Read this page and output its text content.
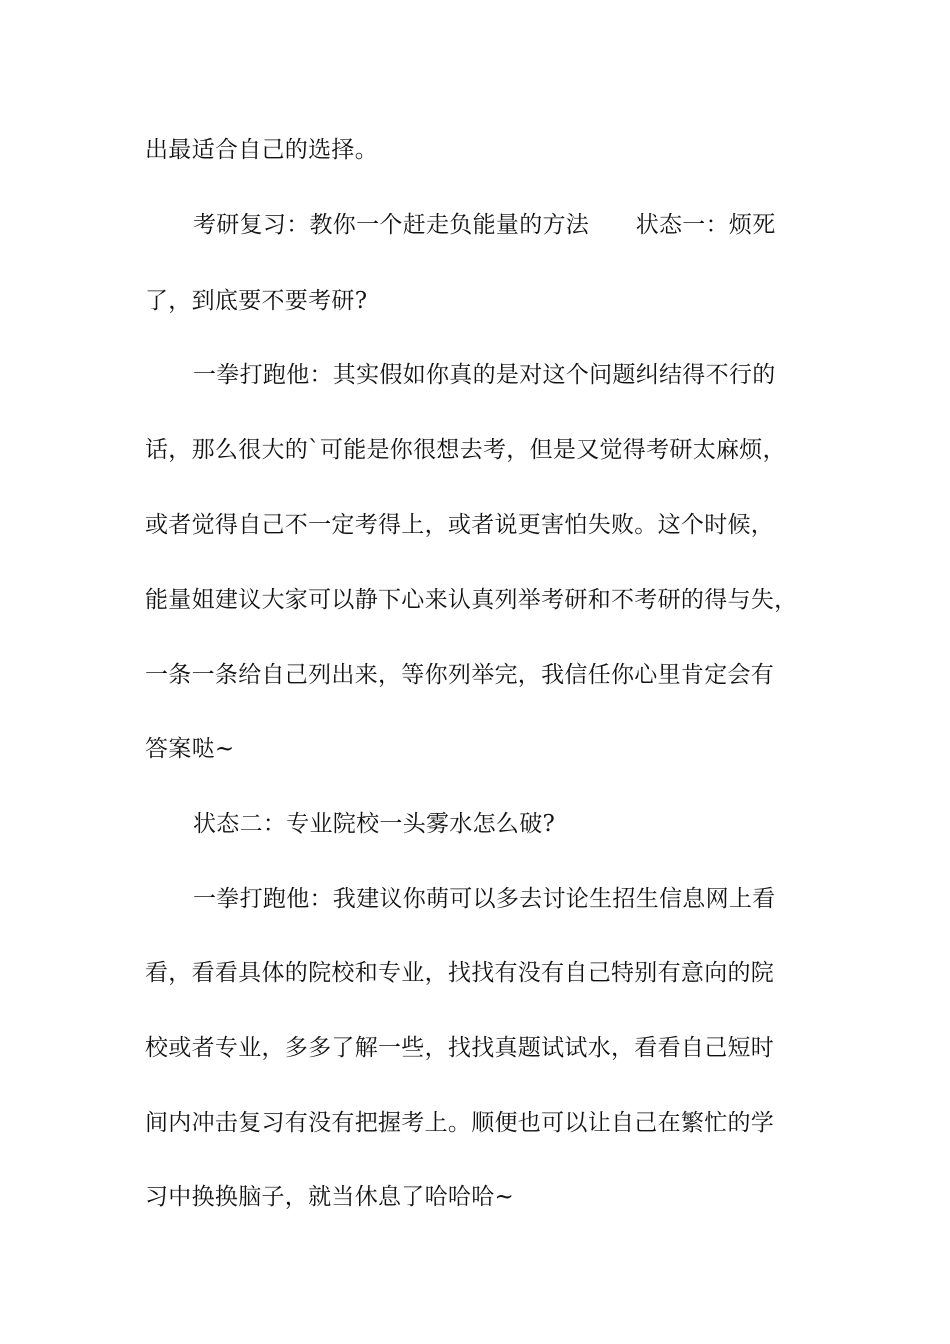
出最适合自己的选择。
考研复习：教你一个赶走负能量的方法　　状态一：烦死
了，到底要不要考研?
一拳打跑他：其实假如你真的是对这个问题纠结得不行的
话，那么很大的`可能是你很想去考，但是又觉得考研太麻烦，
或者觉得自己不一定考得上，或者说更害怕失败。这个时候，
能量姐建议大家可以静下心来认真列举考研和不考研的得与失，
一条一条给自己列出来，等你列举完，我信任你心里肯定会有
答案哒~
状态二：专业院校一头雾水怎么破?
一拳打跑他：我建议你萌可以多去讨论生招生信息网上看
看，看看具体的院校和专业，找找有没有自己特别有意向的院
校或者专业，多多了解一些，找找真题试试水，看看自己短时
间内冲击复习有没有把握考上。顺便也可以让自己在繁忙的学
习中换换脑子，就当休息了哈哈哈~
